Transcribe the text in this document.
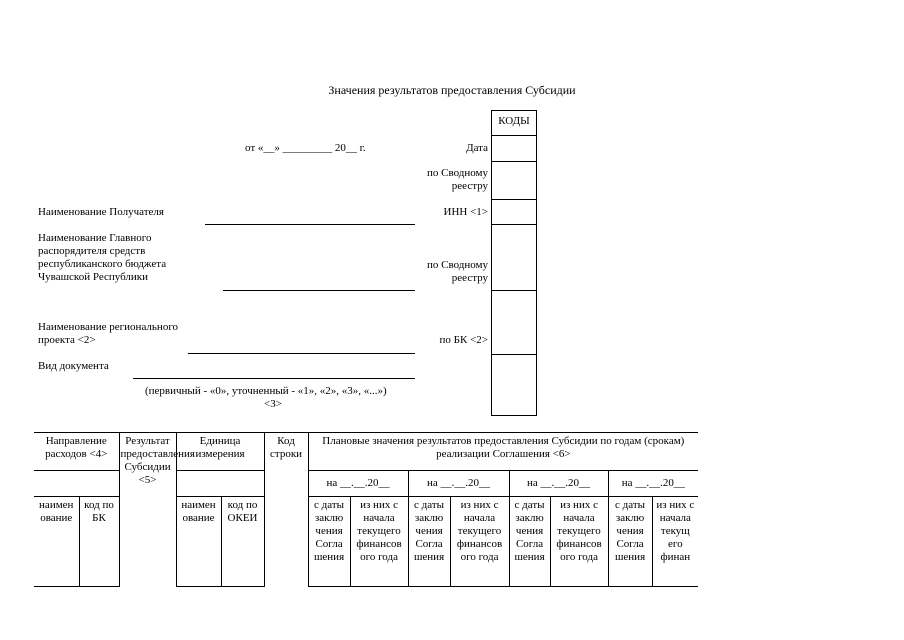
Значения результатов предоставления Субсидии
от «__» _________ 20__ г.
Наименование Получателя
Наименование Главного распорядителя средств республиканского бюджета Чувашской Республики
Наименование регионального проекта <2>
Вид документа
(первичный - «0», уточненный - «1», «2», «3», «...»)
<3>
Дата
по Сводному реестру
ИНН <1>
по Сводному реестру
по БК <2>
КОДЫ
Направление расходов <4>		Результат предоставления Субсидии <5>	Единица измерения		Код строки	Плановые значения результатов предоставления Субсидии по годам (срокам) реализации Соглашения <6>							
						на __.__.20__		на __.__.20__		на __.__.20__		на __.__.20__	
наимен ование	код по БК		наимен ование	код по ОКЕИ		с даты заклю чения Согла шения	из них с начала текущего финансов ого года	с даты заклю чения Согла шения	из них с начала текущего финансов ого года	с даты заклю чения Согла шения	из них с начала текущего финансов ого года	с даты заклю чения Согла шения	из них с начала текущ его финан
